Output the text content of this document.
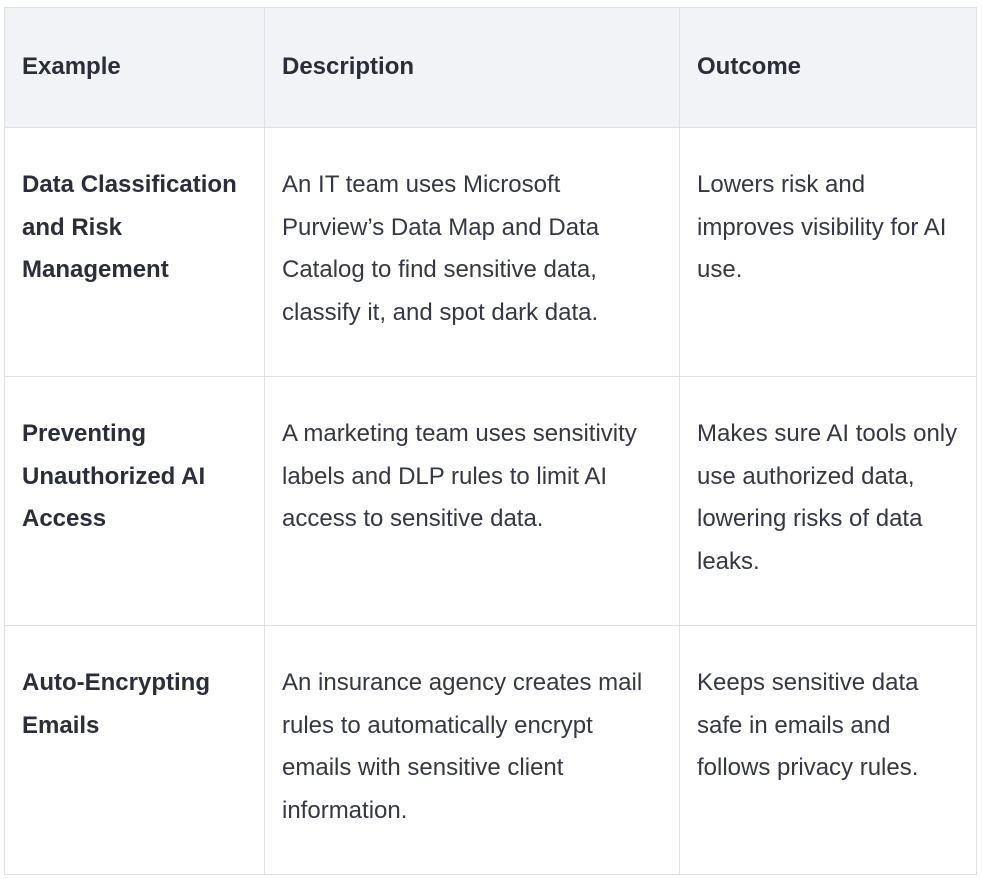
Example	Description	Outcome

Data Classification and Risk Management	An IT team uses Microsoft Purview’s Data Map and Data Catalog to find sensitive data, classify it, and spot dark data.	Lowers risk and improves visibility for AI use.

Preventing Unauthorized AI Access	A marketing team uses sensitivity labels and DLP rules to limit AI access to sensitive data.	Makes sure AI tools only use authorized data, lowering risks of data leaks.

Auto-Encrypting Emails	An insurance agency creates mail rules to automatically encrypt emails with sensitive client information.	Keeps sensitive data safe in emails and follows privacy rules.
